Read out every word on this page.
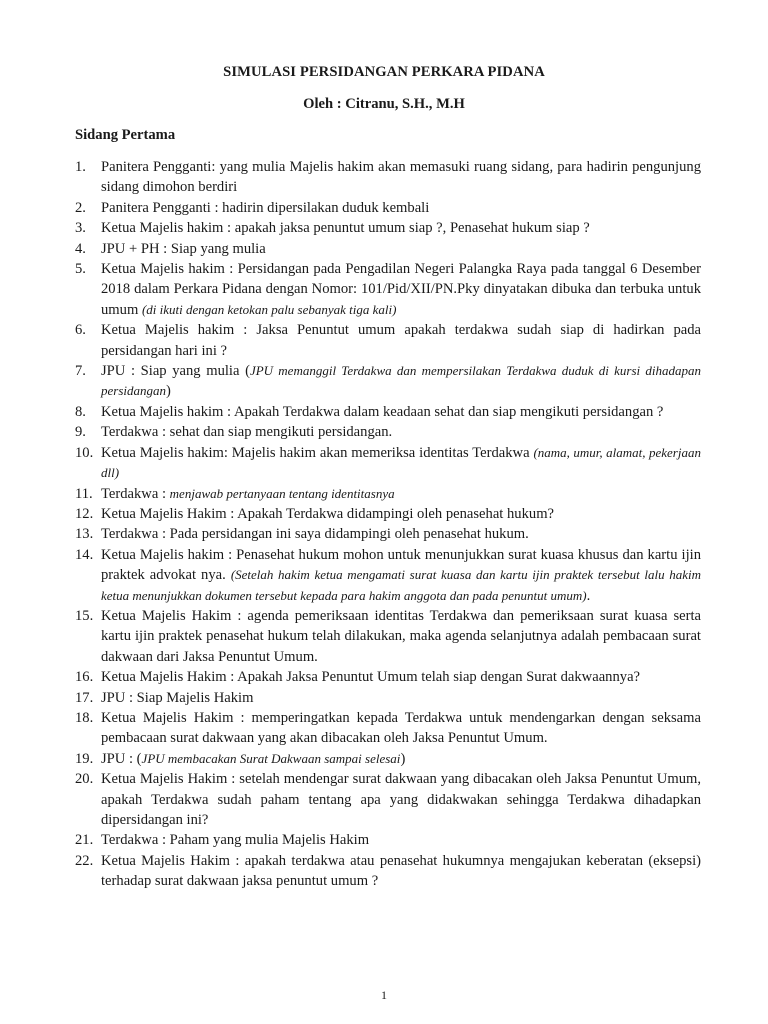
SIMULASI PERSIDANGAN PERKARA PIDANA
Oleh : Citranu, S.H., M.H
Sidang Pertama
1. Panitera Pengganti: yang mulia Majelis hakim akan memasuki ruang sidang, para hadirin pengunjung sidang dimohon berdiri
2. Panitera Pengganti : hadirin dipersilakan duduk kembali
3. Ketua Majelis hakim : apakah jaksa penuntut umum siap ?, Penasehat hukum siap ?
4. JPU + PH : Siap yang mulia
5. Ketua Majelis hakim : Persidangan pada Pengadilan Negeri Palangka Raya pada tanggal 6 Desember 2018 dalam Perkara Pidana dengan Nomor: 101/Pid/XII/PN.Pky dinyatakan dibuka dan terbuka untuk umum (di ikuti dengan ketokan palu sebanyak tiga kali)
6. Ketua Majelis hakim : Jaksa Penuntut umum apakah terdakwa sudah siap di hadirkan pada persidangan hari ini ?
7. JPU : Siap yang mulia (JPU memanggil Terdakwa dan mempersilakan Terdakwa duduk di kursi dihadapan persidangan)
8. Ketua Majelis hakim : Apakah Terdakwa dalam keadaan sehat dan siap mengikuti persidangan ?
9. Terdakwa : sehat dan siap mengikuti persidangan.
10. Ketua Majelis hakim: Majelis hakim akan memeriksa identitas Terdakwa (nama, umur, alamat, pekerjaan dll)
11. Terdakwa : menjawab pertanyaan tentang identitasnya
12. Ketua Majelis Hakim : Apakah Terdakwa didampingi oleh penasehat hukum?
13. Terdakwa : Pada persidangan ini saya didampingi oleh penasehat hukum.
14. Ketua Majelis hakim : Penasehat hukum mohon untuk menunjukkan surat kuasa khusus dan kartu ijin praktek advokat nya. (Setelah hakim ketua mengamati surat kuasa dan kartu ijin praktek tersebut lalu hakim ketua menunjukkan dokumen tersebut kepada para hakim anggota dan pada penuntut umum).
15. Ketua Majelis Hakim : agenda pemeriksaan identitas Terdakwa dan pemeriksaan surat kuasa serta kartu ijin praktek penasehat hukum telah dilakukan, maka agenda selanjutnya adalah pembacaan surat dakwaan dari Jaksa Penuntut Umum.
16. Ketua Majelis Hakim : Apakah Jaksa Penuntut Umum telah siap dengan Surat dakwaannya?
17. JPU : Siap Majelis Hakim
18. Ketua Majelis Hakim : memperingatkan kepada Terdakwa untuk mendengarkan dengan seksama pembacaan surat dakwaan yang akan dibacakan oleh Jaksa Penuntut Umum.
19. JPU : (JPU membacakan Surat Dakwaan sampai selesai)
20. Ketua Majelis Hakim : setelah mendengar surat dakwaan yang dibacakan oleh Jaksa Penuntut Umum, apakah Terdakwa sudah paham tentang apa yang didakwakan sehingga Terdakwa dihadapkan dipersidangan ini?
21. Terdakwa : Paham yang mulia Majelis Hakim
22. Ketua Majelis Hakim : apakah terdakwa atau penasehat hukumnya mengajukan keberatan (eksepsi) terhadap surat dakwaan jaksa penuntut umum ?
1
